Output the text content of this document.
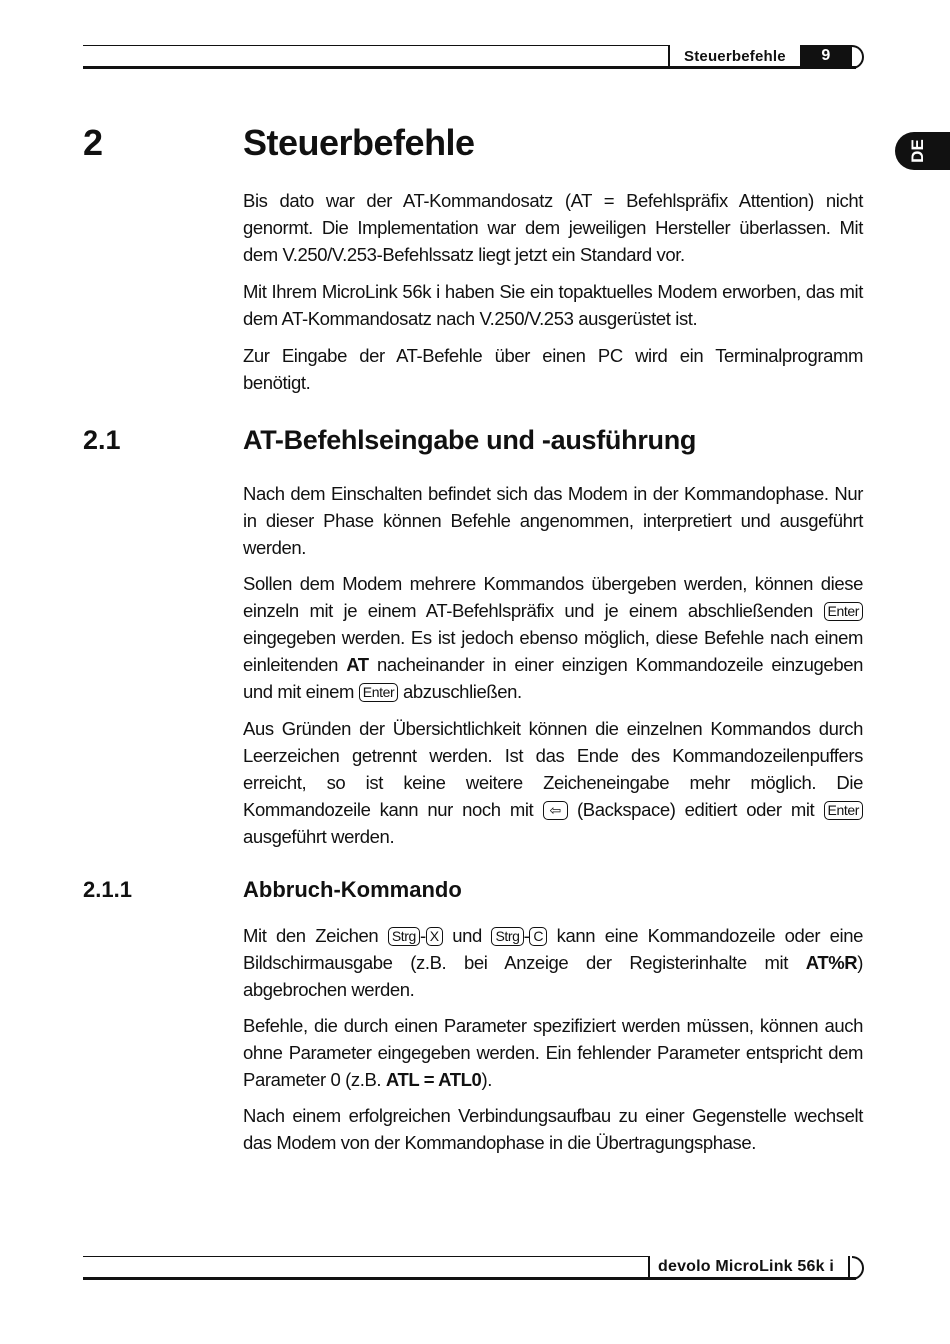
Steuerbefehle	9
DE
2	Steuerbefehle
Bis dato war der AT-Kommandosatz (AT = Befehlspräfix Attention) nicht genormt. Die Implementation war dem jeweiligen Hersteller überlassen. Mit dem V.250/V.253-Befehlssatz liegt jetzt ein Standard vor.
Mit Ihrem MicroLink 56k i haben Sie ein topaktuelles Modem erworben, das mit dem AT-Kommandosatz nach V.250/V.253 ausgerüstet ist.
Zur Eingabe der AT-Befehle über einen PC wird ein Terminalprogramm benötigt.
2.1	AT-Befehlseingabe und -ausführung
Nach dem Einschalten befindet sich das Modem in der Kommandophase. Nur in dieser Phase können Befehle angenommen, interpretiert und ausgeführt werden.
Sollen dem Modem mehrere Kommandos übergeben werden, können diese einzeln mit je einem AT-Befehlspräfix und je einem abschließenden Enter eingegeben werden. Es ist jedoch ebenso möglich, diese Befehle nach einem einleitenden AT nacheinander in einer einzigen Kommandozeile einzugeben und mit einem Enter abzuschließen.
Aus Gründen der Übersichtlichkeit können die einzelnen Kommandos durch Leerzeichen getrennt werden. Ist das Ende des Kommandozeilenpuffers erreicht, so ist keine weitere Zeicheneingabe mehr möglich. Die Kommandozeile kann nur noch mit ⇦ (Backspace) editiert oder mit Enter ausgeführt werden.
2.1.1	Abbruch-Kommando
Mit den Zeichen Strg - X und Strg - C kann eine Kommandozeile oder eine Bildschirmausgabe (z.B. bei Anzeige der Registerinhalte mit AT%R) abgebrochen werden.
Befehle, die durch einen Parameter spezifiziert werden müssen, können auch ohne Parameter eingegeben werden. Ein fehlender Parameter entspricht dem Parameter 0 (z.B. ATL = ATL0).
Nach einem erfolgreichen Verbindungsaufbau zu einer Gegenstelle wechselt das Modem von der Kommandophase in die Übertragungsphase.
devolo MicroLink 56k i
